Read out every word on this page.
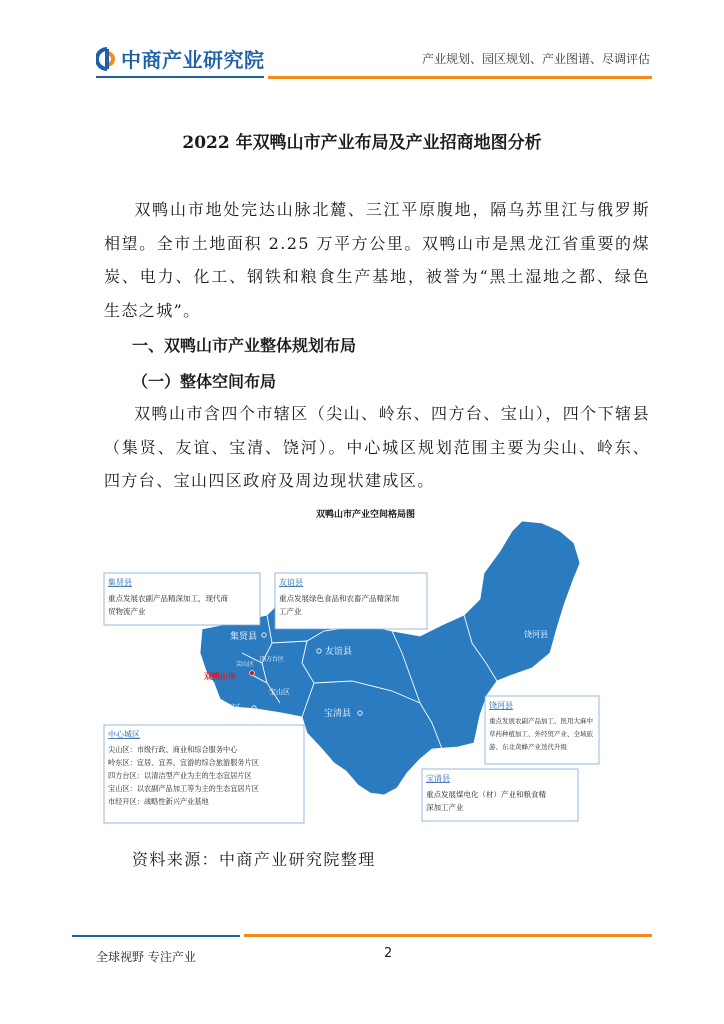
中商产业研究院	产业规划、园区规划、产业图谱、尽调评估
2022 年双鸭山市产业布局及产业招商地图分析
双鸭山市地处完达山脉北麓、三江平原腹地，隔乌苏里江与俄罗斯相望。全市土地面积 2.25 万平方公里。双鸭山市是黑龙江省重要的煤炭、电力、化工、钢铁和粮食生产基地，被誉为“黑土湿地之都、绿色生态之城”。
一、双鸭山市产业整体规划布局
（一）整体空间布局
双鸭山市含四个市辖区（尖山、岭东、四方台、宝山），四个下辖县（集贤、友谊、宝清、饶河）。中心城区规划范围主要为尖山、岭东、四方台、宝山四区政府及周边现状建成区。
双鸭山市产业空间格局图
集贤县
友谊县
饶河县
宝清县
岭东区
宝山区
尖山区
四方台区
双鸭山市
集贤县
重点发展农副产品精深加工，现代商
贸物流产业
友谊县
重点发展绿色食品和农畜产品精深加
工产业
中心城区
尖山区：市级行政、商业和综合服务中心
岭东区：宜居、宜养、宜游的综合旅游服务片区
四方台区：以清洁型产业为主的生态宜居片区
宝山区：以农副产品加工等为主的生态宜居片区
市经开区：战略性新兴产业基地
饶河县
重点发展农副产品加工、医用大麻中
草药种植加工、外经贸产业、全域旅
游、东北黄蜂产业迭代升级
宝清县
重点发展煤电化（材）产业和粮食精
深加工产业
资料来源：中商产业研究院整理
全球视野 专注产业	2
